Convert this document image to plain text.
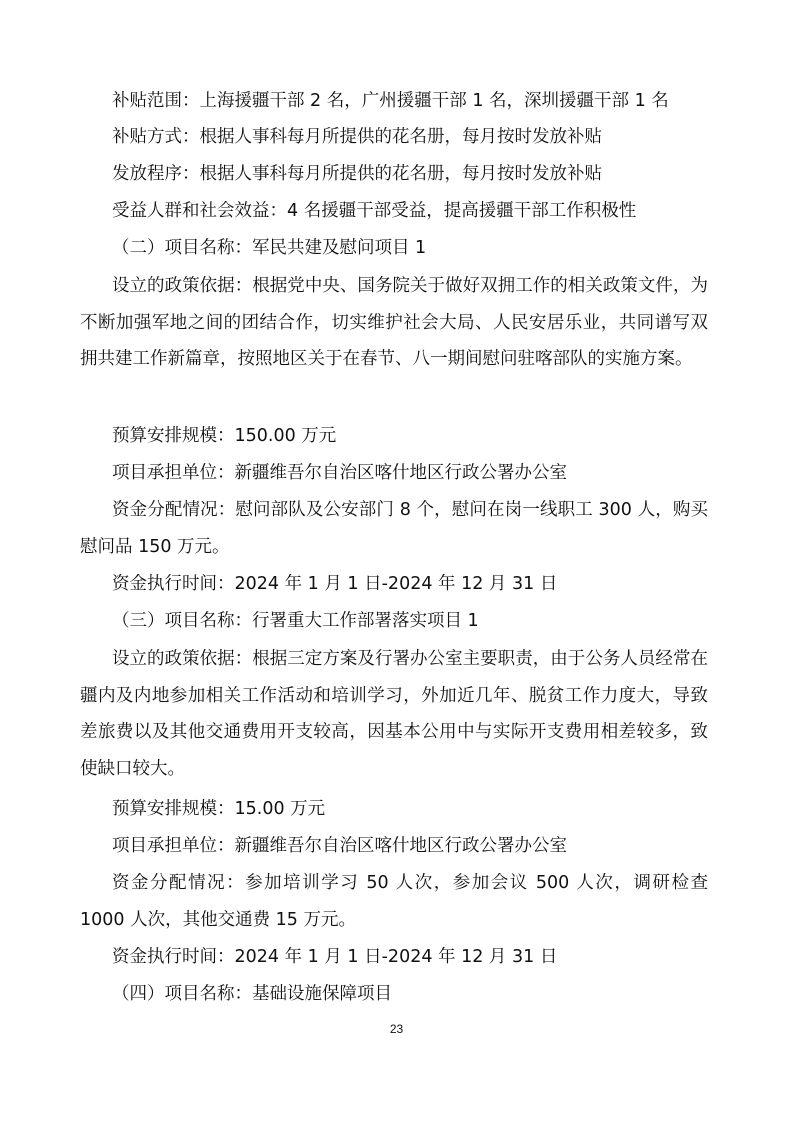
补贴范围：上海援疆干部 2 名，广州援疆干部 1 名，深圳援疆干部 1 名
补贴方式：根据人事科每月所提供的花名册，每月按时发放补贴
发放程序：根据人事科每月所提供的花名册，每月按时发放补贴
受益人群和社会效益：4 名援疆干部受益，提高援疆干部工作积极性
（二）项目名称：军民共建及慰问项目 1
设立的政策依据：根据党中央、国务院关于做好双拥工作的相关政策文件，为不断加强军地之间的团结合作，切实维护社会大局、人民安居乐业，共同谱写双拥共建工作新篇章，按照地区关于在春节、八一期间慰问驻喀部队的实施方案。
预算安排规模：150.00 万元
项目承担单位：新疆维吾尔自治区喀什地区行政公署办公室
资金分配情况：慰问部队及公安部门 8 个，慰问在岗一线职工 300 人，购买慰问品 150 万元。
资金执行时间：2024 年 1 月 1 日-2024 年 12 月 31 日
（三）项目名称：行署重大工作部署落实项目 1
设立的政策依据：根据三定方案及行署办公室主要职责，由于公务人员经常在疆内及内地参加相关工作活动和培训学习，外加近几年、脱贫工作力度大，导致差旅费以及其他交通费用开支较高，因基本公用中与实际开支费用相差较多，致使缺口较大。
预算安排规模：15.00 万元
项目承担单位：新疆维吾尔自治区喀什地区行政公署办公室
资金分配情况：参加培训学习 50 人次，参加会议 500 人次，调研检查 1000 人次，其他交通费 15 万元。
资金执行时间：2024 年 1 月 1 日-2024 年 12 月 31 日
（四）项目名称：基础设施保障项目
23
